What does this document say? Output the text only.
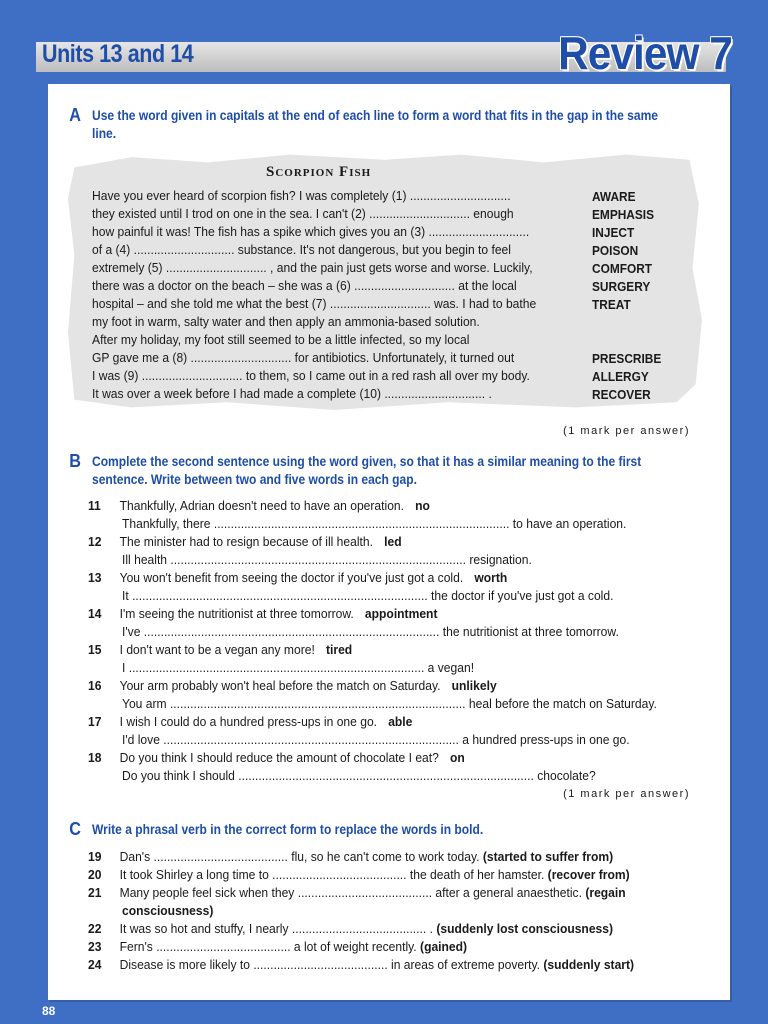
Units 13 and 14	Review 7
A Use the word given in capitals at the end of each line to form a word that fits in the gap in the same line.
Scorpion Fish
Have you ever heard of scorpion fish? I was completely (1) ..............................
they existed until I trod on one in the sea. I can't (2) .............................. enough
how painful it was! The fish has a spike which gives you an (3) ..............................
of a (4) .............................. substance. It's not dangerous, but you begin to feel
extremely (5) .............................. , and the pain just gets worse and worse. Luckily,
there was a doctor on the beach – she was a (6) .............................. at the local
hospital – and she told me what the best (7) .............................. was. I had to bathe
my foot in warm, salty water and then apply an ammonia-based solution.
After my holiday, my foot still seemed to be a little infected, so my local
GP gave me a (8) .............................. for antibiotics. Unfortunately, it turned out
I was (9) .............................. to them, so I came out in a red rash all over my body.
It was over a week before I had made a complete (10) .............................. .
AWARE
EMPHASIS
INJECT
POISON
COMFORT
SURGERY
TREAT
PRESCRIBE
ALLERGY
RECOVER
(1 mark per answer)
B Complete the second sentence using the word given, so that it has a similar meaning to the first sentence. Write between two and five words in each gap.
11 Thankfully, Adrian doesn't need to have an operation. no
Thankfully, there ........................................................................................ to have an operation.
12 The minister had to resign because of ill health. led
Ill health ........................................................................................ resignation.
13 You won't benefit from seeing the doctor if you've just got a cold. worth
It ........................................................................................ the doctor if you've just got a cold.
14 I'm seeing the nutritionist at three tomorrow. appointment
I've ........................................................................................ the nutritionist at three tomorrow.
15 I don't want to be a vegan any more! tired
I ........................................................................................ a vegan!
16 Your arm probably won't heal before the match on Saturday. unlikely
You arm ........................................................................................ heal before the match on Saturday.
17 I wish I could do a hundred press-ups in one go. able
I'd love ........................................................................................ a hundred press-ups in one go.
18 Do you think I should reduce the amount of chocolate I eat? on
Do you think I should ........................................................................................ chocolate?
(1 mark per answer)
C Write a phrasal verb in the correct form to replace the words in bold.
19 Dan's ........................................ flu, so he can't come to work today. (started to suffer from)
20 It took Shirley a long time to ........................................ the death of her hamster. (recover from)
21 Many people feel sick when they ........................................ after a general anaesthetic. (regain
consciousness)
22 It was so hot and stuffy, I nearly ........................................ . (suddenly lost consciousness)
23 Fern's ........................................ a lot of weight recently. (gained)
24 Disease is more likely to ........................................ in areas of extreme poverty. (suddenly start)
88
